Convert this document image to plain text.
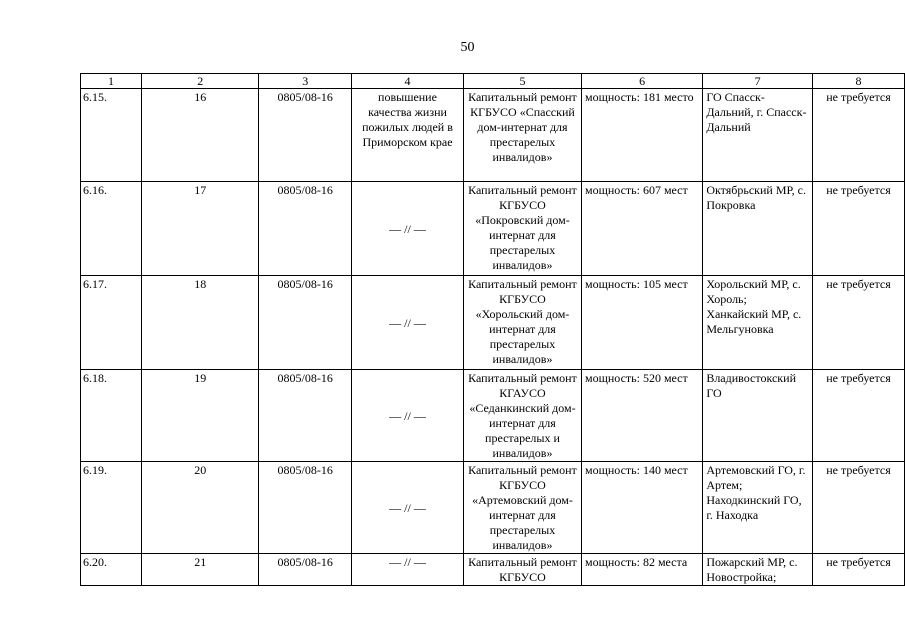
50
1	2	3	4	5	6	7	8
6.15.	16	0805/08-16	повышение качества жизни пожилых людей в Приморском крае	Капитальный ремонт КГБУСО «Спасский дом-интернат для престарелых инвалидов»	мощность: 181 место	ГО Спасск-Дальний, г. Спасск-Дальний	не требуется
6.16.	17	0805/08-16	— // —	Капитальный ремонт КГБУСО «Покровский дом-интернат для престарелых инвалидов»	мощность: 607 мест	Октябрьский МР, с. Покровка	не требуется
6.17.	18	0805/08-16	— // —	Капитальный ремонт КГБУСО «Хорольский дом-интернат для престарелых инвалидов»	мощность: 105 мест	Хорольский МР, с. Хороль; Ханкайский МР, с. Мельгуновка	не требуется
6.18.	19	0805/08-16	— // —	Капитальный ремонт КГАУСО «Седанкинский дом-интернат для престарелых и инвалидов»	мощность: 520 мест	Владивостокский ГО	не требуется
6.19.	20	0805/08-16	— // —	Капитальный ремонт КГБУСО «Артемовский дом-интернат для престарелых инвалидов»	мощность: 140 мест	Артемовский ГО, г. Артем; Находкинский ГО, г. Находка	не требуется
6.20.	21	0805/08-16	— // —	Капитальный ремонт КГБУСО	мощность: 82 места	Пожарский МР, с. Новостройка;	не требуется
